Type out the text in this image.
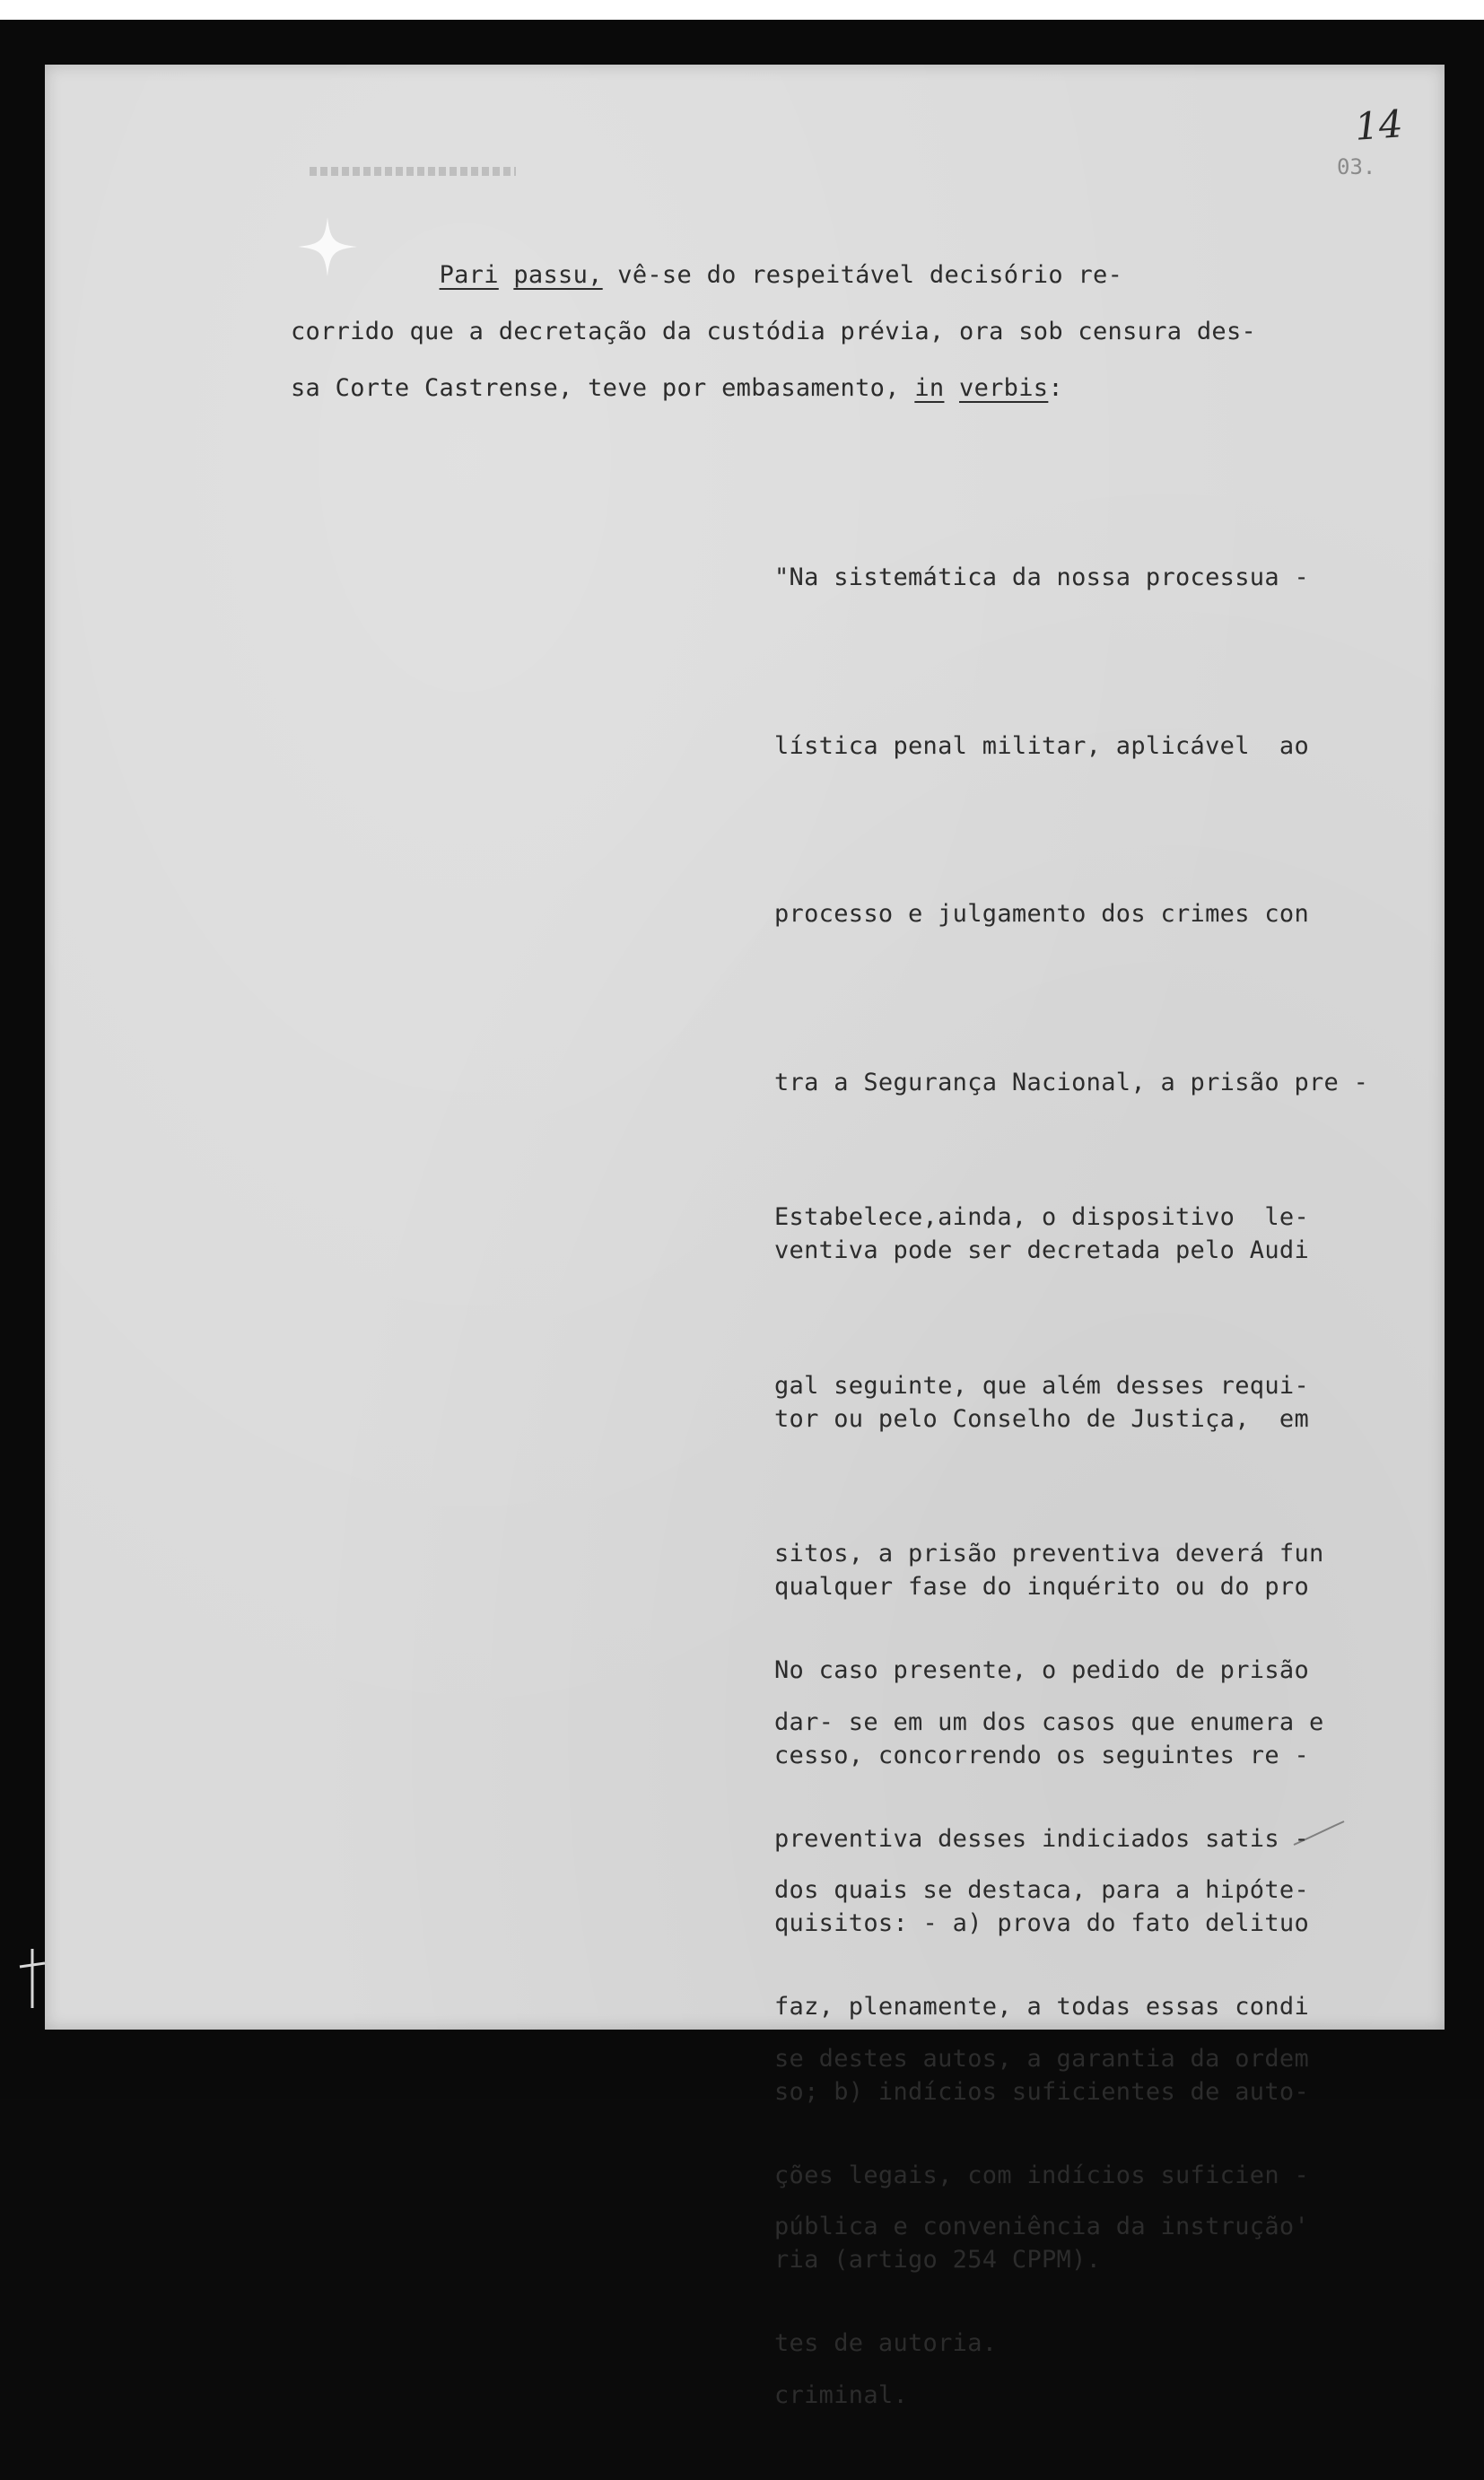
14
03.
Pari passu, vê-se do respeitável decisório re-
corrido que a decretação da custódia prévia, ora sob censura des-
sa Corte Castrense, teve por embasamento, in verbis:

"Na sistemática da nossa processua -

lística penal militar, aplicável  ao

processo e julgamento dos crimes con

tra a Segurança Nacional, a prisão pre -

ventiva pode ser decretada pelo Audi

tor ou pelo Conselho de Justiça,  em

qualquer fase do inquérito ou do pro

cesso, concorrendo os seguintes re -

quisitos: - a) prova do fato delituo

so; b) indícios suficientes de auto-

ria (artigo 254 CPPM).

Estabelece,ainda, o dispositivo  le-

gal seguinte, que além desses requi-

sitos, a prisão preventiva deverá fun

dar- se em um dos casos que enumera e

dos quais se destaca, para a hipóte-

se destes autos, a garantia da ordem

pública e conveniência da instrução'

criminal.

No caso presente, o pedido de prisão

preventiva desses indiciados satis -

faz, plenamente, a todas essas condi

ções legais, com indícios suficien -

tes de autoria.
